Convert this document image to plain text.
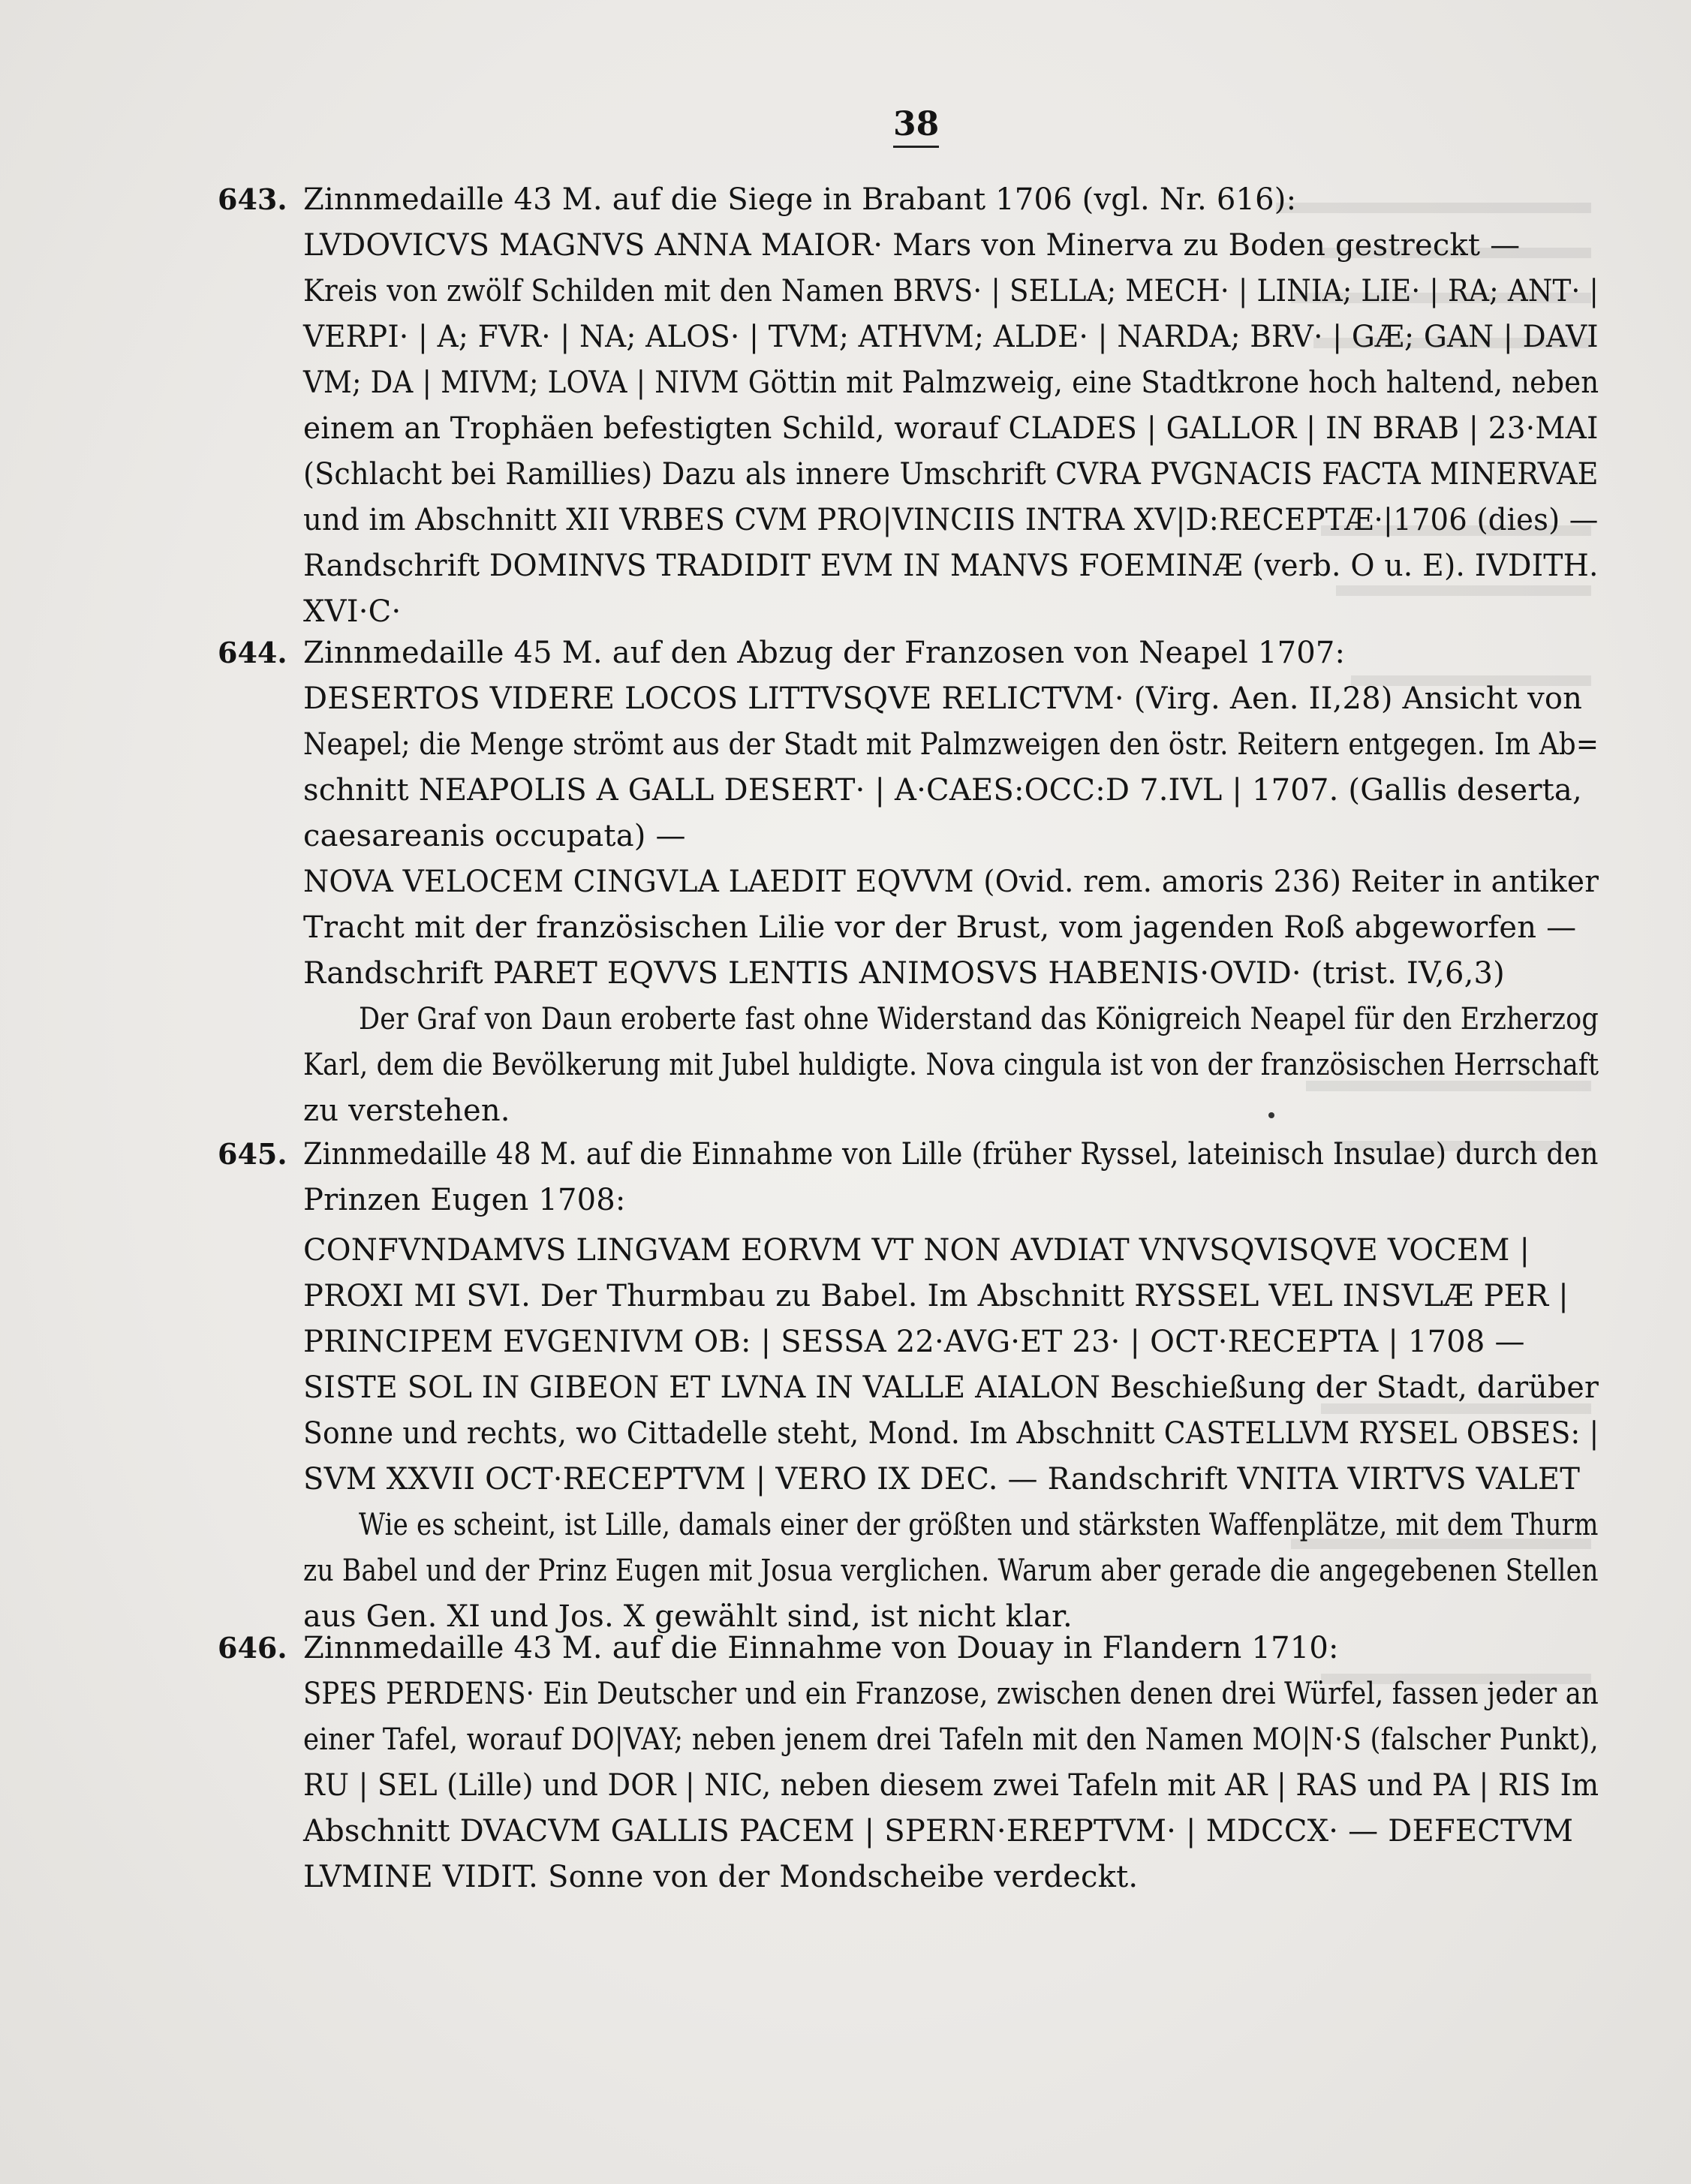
38
643. Zinnmedaille 43 M. auf die Siege in Brabant 1706 (vgl. Nr. 616):
LVDOVICVS MAGNVS ANNA MAIOR· Mars von Minerva zu Boden gestreckt —
Kreis von zwölf Schilden mit den Namen BRVS· | SELLA; MECH· | LINIA; LIE· | RA; ANT· |
VERPI· | A; FVR· | NA; ALOS· | TVM; ATHVM; ALDE· | NARDA; BRV· | GÆ; GAN | DAVI
VM; DA | MIVM; LOVA | NIVM Göttin mit Palmzweig, eine Stadtkrone hoch haltend, neben
einem an Trophäen befestigten Schild, worauf CLADES | GALLOR | IN BRAB | 23·MAI
(Schlacht bei Ramillies) Dazu als innere Umschrift CVRA PVGNACIS FACTA MINERVAE
und im Abschnitt XII VRBES CVM PRO|VINCIIS INTRA XV|D:RECEPTÆ·|1706 (dies) —
Randschrift DOMINVS TRADIDIT EVM IN MANVS FOEMINÆ (verb. O u. E). IVDITH.
XVI·C·
644. Zinnmedaille 45 M. auf den Abzug der Franzosen von Neapel 1707:
DESERTOS VIDERE LOCOS LITTVSQVE RELICTVM· (Virg. Aen. II,28) Ansicht von
Neapel; die Menge strömt aus der Stadt mit Palmzweigen den östr. Reitern entgegen. Im Ab=
schnitt NEAPOLIS A GALL DESERT· | A·CAES:OCC:D 7.IVL | 1707. (Gallis deserta,
caesareanis occupata) —
NOVA VELOCEM CINGVLA LAEDIT EQVVM (Ovid. rem. amoris 236) Reiter in antiker
Tracht mit der französischen Lilie vor der Brust, vom jagenden Roß abgeworfen —
Randschrift PARET EQVVS LENTIS ANIMOSVS HABENIS·OVID· (trist. IV,6,3)
Der Graf von Daun eroberte fast ohne Widerstand das Königreich Neapel für den Erzherzog
Karl, dem die Bevölkerung mit Jubel huldigte. Nova cingula ist von der französischen Herrschaft
zu verstehen.
645. Zinnmedaille 48 M. auf die Einnahme von Lille (früher Ryssel, lateinisch Insulae) durch den
Prinzen Eugen 1708:
CONFVNDAMVS LINGVAM EORVM VT NON AVDIAT VNVSQVISQVE VOCEM |
PROXI MI SVI. Der Thurmbau zu Babel. Im Abschnitt RYSSEL VEL INSVLÆ PER |
PRINCIPEM EVGENIVM OB: | SESSA 22·AVG·ET 23· | OCT·RECEPTA | 1708 —
SISTE SOL IN GIBEON ET LVNA IN VALLE AIALON Beschießung der Stadt, darüber
Sonne und rechts, wo Cittadelle steht, Mond. Im Abschnitt CASTELLVM RYSEL OBSES: |
SVM XXVII OCT·RECEPTVM | VERO IX DEC. — Randschrift VNITA VIRTVS VALET
Wie es scheint, ist Lille, damals einer der größten und stärksten Waffenplätze, mit dem Thurm
zu Babel und der Prinz Eugen mit Josua verglichen. Warum aber gerade die angegebenen Stellen
aus Gen. XI und Jos. X gewählt sind, ist nicht klar.
646. Zinnmedaille 43 M. auf die Einnahme von Douay in Flandern 1710:
SPES PERDENS· Ein Deutscher und ein Franzose, zwischen denen drei Würfel, fassen jeder an
einer Tafel, worauf DO|VAY; neben jenem drei Tafeln mit den Namen MO|N·S (falscher Punkt),
RU | SEL (Lille) und DOR | NIC, neben diesem zwei Tafeln mit AR | RAS und PA | RIS Im
Abschnitt DVACVM GALLIS PACEM | SPERN·EREPTVM· | MDCCX· — DEFECTVM
LVMINE VIDIT. Sonne von der Mondscheibe verdeckt.
